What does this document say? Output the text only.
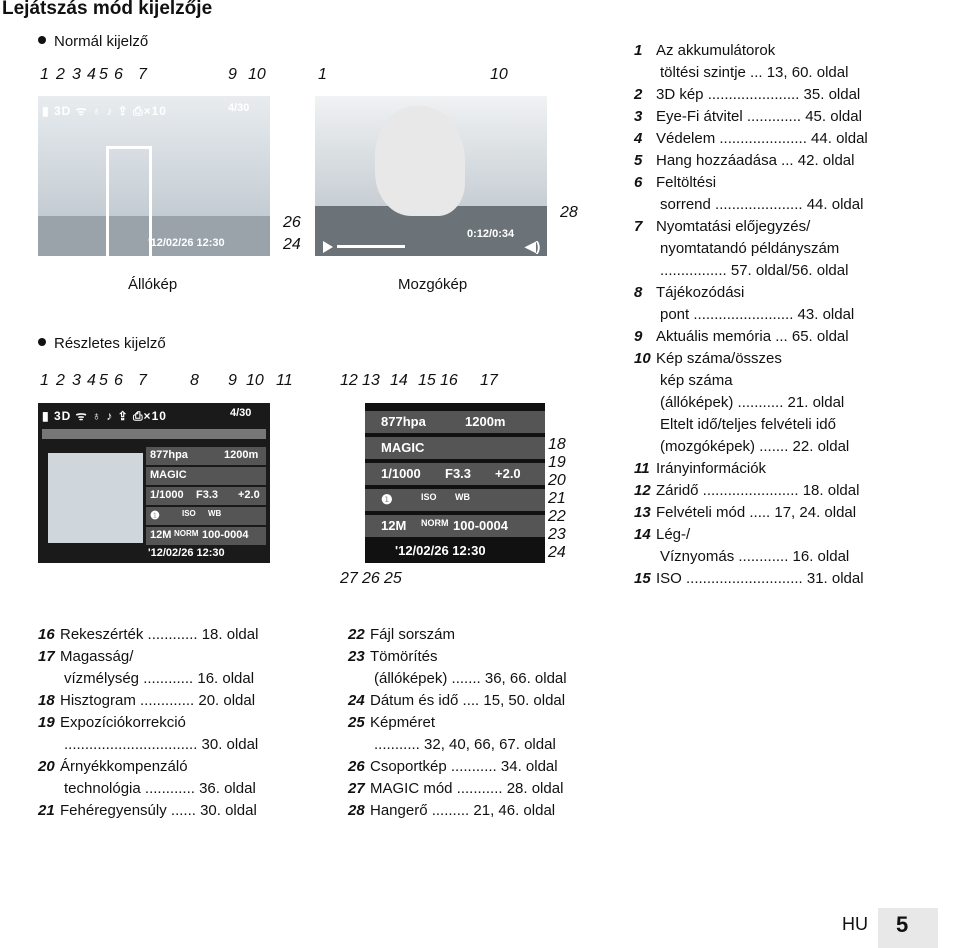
Lejátszás mód kijelzője
Normál kijelző
Részletes kijelző
1 2 3 4 5 6 7	9 10	1	10
▮ 3D ᯤ ♁ ♪ ⇪ ⎙×10	4/30
'12/02/26 12:30
0:12/0:34
◀)
26
24
28
Állókép	Mozgókép
1 2 3 4 5 6 7	8 9 10 11	12 13 14 15 16 17
18
19
20
21
22
23
24
27 26 25
▮ 3D ᯤ ♁ ♪ ⇪ ⎙×10	4/30
877hpa	1200m
MAGIC
1/1000 F3.3 +2.0
❶	ISO WB
12M NORM 100-0004
'12/02/26 12:30
877hpa	1200m
MAGIC
1/1000 F3.3 +2.0
❶	ISO WB
12M NORM 100-0004
'12/02/26 12:30
1 Az akkumulátorok
töltési szintje ... 13, 60. oldal
2 3D kép ...................... 35. oldal
3 Eye-Fi átvitel ............. 45. oldal
4 Védelem ..................... 44. oldal
5 Hang hozzáadása ... 42. oldal
6 Feltöltési
sorrend ..................... 44. oldal
7 Nyomtatási előjegyzés/
nyomtatandó példányszám
................ 57. oldal/56. oldal
8 Tájékozódási
pont ........................ 43. oldal
9 Aktuális memória ... 65. oldal
10 Kép száma/összes
kép száma
(állóképek) ........... 21. oldal
Eltelt idő/teljes felvételi idő
(mozgóképek) ....... 22. oldal
11 Irányinformációk
12 Záridő ....................... 18. oldal
13 Felvételi mód ..... 17, 24. oldal
14 Lég-/
Víznyomás ............ 16. oldal
15 ISO ............................ 31. oldal
16 Rekeszérték ............ 18. oldal
17 Magasság/
vízmélység ............ 16. oldal
18 Hisztogram ............. 20. oldal
19 Expozíciókorrekció
................................ 30. oldal
20 Árnyékkompenzáló
technológia ............ 36. oldal
21 Fehéregyensúly ...... 30. oldal
22 Fájl sorszám
23 Tömörítés
(állóképek) ....... 36, 66. oldal
24 Dátum és idő .... 15, 50. oldal
25 Képméret
........... 32, 40, 66, 67. oldal
26 Csoportkép ........... 34. oldal
27 MAGIC mód ........... 28. oldal
28 Hangerő ......... 21, 46. oldal
HU 5
